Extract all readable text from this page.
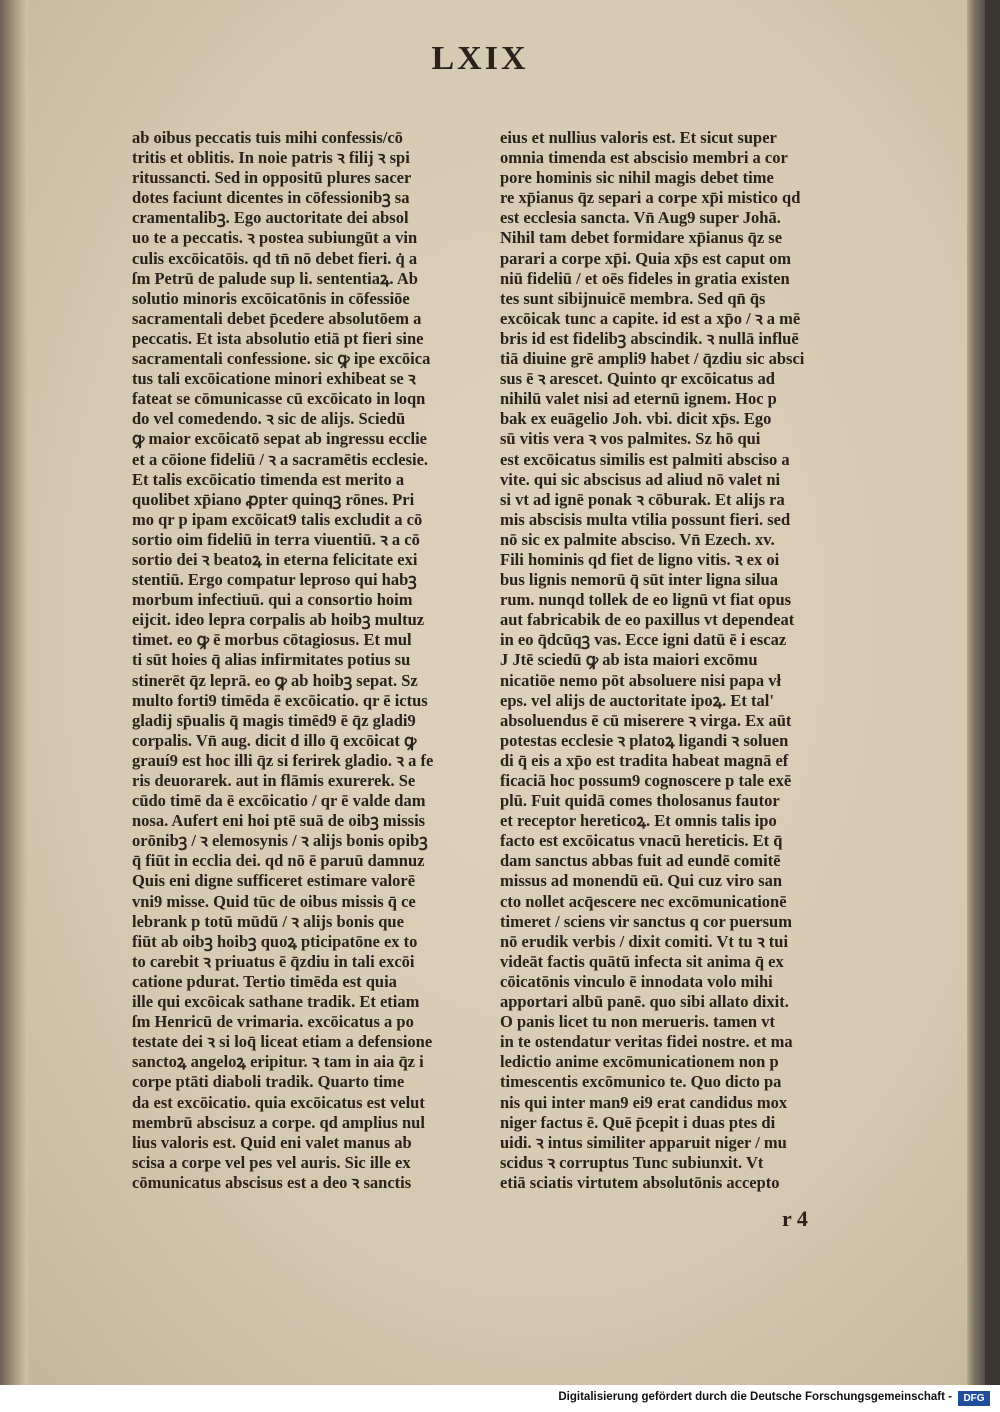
LXIX
ab oibus peccatis tuis mihi confessis/cō
tritis et oblitis. In noie patris ꝛ filij ꝛ spi
ritussancti. Sed in oppositū plures sacer
dotes faciunt dicentes in cōfessionibꝫ sa
cramentalibꝫ. Ego auctoritate dei absol
uo te a peccatis. ꝛ postea subiungūt a vin
culis excōicatōis. qd tn̄ nō debet fieri. q̇ a
ſm Petrū de palude sup li. sententiaꝝ. Ab
solutio minoris excōicatōnis in cōfessiōe
sacramentali debet p̄cedere absolutōem a
peccatis. Et ista absolutio etiā pt fieri sine
sacramentali confessione. sic ꝙ ipe excōica
tus tali excōicatione minori exhibeat se ꝛ
fateat se cōmunicasse cū excōicato in loqn
do vel comedendo. ꝛ sic de alijs. Sciedū
ꝙ maior excōicatō sepat ab ingressu ecclie
et a cōione fideliū / ꝛ a sacramētis ecclesie.
Et talis excōicatio timenda est merito a
quolibet xp̄iano ꝓpter quinqꝫ rōnes. Pri
mo qr p ipam excōicat9 talis excludit a cō
sortio oim fideliū in terra viuentiū. ꝛ a cō
sortio dei ꝛ beatoꝝ in eterna felicitate exi
stentiū. Ergo compatur leproso qui habꝫ
morbum infectiuū. qui a consortio hoim
eijcit. ideo lepra corpalis ab hoibꝫ multuz
timet. eo ꝙ ē morbus cōtagiosus. Et mul
ti sūt hoies q̄ alias infirmitates potius su
stinerēt q̄z leprā. eo ꝙ ab hoibꝫ sepat. Sz
multo forti9 timēda ē excōicatio. qr ē ictus
gladij sp̄ualis q̄ magis timēd9 ē q̄z gladi9
corpalis. Vn̄ aug. dicit d illo q̄ excōicat ꝙ
grauí9 est hoc illi q̄z si ferirek gladio. ꝛ a fe
ris deuorarek. aut in flāmis exurerek. Se
cūdo timē da ē excōicatio / qr ē valde dam
nosa. Aufert eni hoi ptē suā de oibꝫ missis
orōnibꝫ / ꝛ elemosynis / ꝛ alijs bonis opibꝫ
q̄ fiūt in ecclia dei. qd nō ē paruū damnuz
Quis eni digne sufficeret estimare valorē
vni9 misse. Quid tūc de oibus missis q̄ ce
lebrank p totū mūdū / ꝛ alijs bonis que
fiūt ab oibꝫ hoibꝫ quoꝝ pticipatōne ex to
to carebit ꝛ priuatus ē q̄zdiu in tali excōi
catione pdurat. Tertio timēda est quia
ille qui excōicak sathane tradik. Et etiam
ſm Henricū de vrimaria. excōicatus a po
testate dei ꝛ si loq̄ liceat etiam a defensione
sanctoꝝ angeloꝝ eripitur. ꝛ tam in aia q̄z i
corpe ptāti diaboli tradik. Quarto time
da est excōicatio. quia excōicatus est velut
membrū abscisuz a corpe. qd amplius nul
lius valoris est. Quid eni valet manus ab
scisa a corpe vel pes vel auris. Sic ille ex
cōmunicatus abscisus est a deo ꝛ sanctis
eius et nullius valoris est. Et sicut super
omnia timenda est abscisio membri a cor
pore hominis sic nihil magis debet time
re xp̄ianus q̄z separi a corpe xp̄i mistico qd
est ecclesia sancta. Vn̄ Aug9 super Johā.
Nihil tam debet formidare xp̄ianus q̄z se
parari a corpe xp̄i. Quia xp̄s est caput om
niū fideliū / et oēs fideles in gratia existen
tes sunt sibijnuicē membra. Sed qn̄ q̄s
excōicak tunc a capite. id est a xp̄o / ꝛ a mē
bris id est fidelibꝫ abscindik. ꝛ nullā influē
tiā diuine grē ampli9 habet / q̄zdiu sic absci
sus ē ꝛ arescet. Quinto qr excōicatus ad
nihilū valet nisi ad eternū ignem. Hoc p
bak ex euāgelio Joh. vbi. dicit xp̄s. Ego
sū vitis vera ꝛ vos palmites. Sz hō qui
est excōicatus similis est palmiti absciso a
vite. qui sic abscisus ad aliud nō valet ni
si vt ad ignē ponak ꝛ cōburak. Et alijs ra
mis abscisis multa vtilia possunt fieri. sed
nō sic ex palmite absciso. Vn̄ Ezech. xv.
Fili hominis qd fiet de ligno vitis. ꝛ ex oi
bus lignis nemorū q̄ sūt inter ligna silua
rum. nunqd tollek de eo lignū vt fiat opus
aut fabricabik de eo paxillus vt dependeat
in eo q̄dcūqꝫ vas. Ecce igni datū ē i escaz
J Jtē sciedū ꝙ ab ista maiori excōmu
nicatiōe nemo pōt absoluere nisi papa vł
eps. vel alijs de auctoritate ipoꝝ. Et tal'
absoluendus ē cū miserere ꝛ virga. Ex aūt
potestas ecclesie ꝛ platoꝝ ligandi ꝛ soluen
di q̄ eis a xp̄o est tradita habeat magnā ef
ficaciā hoc possum9 cognoscere p tale exē
plū. Fuit quidā comes tholosanus fautor
et receptor hereticoꝝ. Et omnis talis ipo
facto est excōicatus vnacū hereticis. Et q̄
dam sanctus abbas fuit ad eundē comitē
missus ad monendū eū. Qui cuz viro san
cto nollet acq̄escere nec excōmunicationē
timeret / sciens vir sanctus q cor puersum
nō erudik verbis / dixit comiti. Vt tu ꝛ tui
videāt factis quātū infecta sit anima q̄ ex
cōicatōnis vinculo ē innodata volo mihi
apportari albū panē. quo sibi allato dixit.
O panis licet tu non merueris. tamen vt
in te ostendatur veritas fidei nostre. et ma
ledictio anime excōmunicationem non p
timescentis excōmunico te. Quo dicto pa
nis qui inter man9 ei9 erat candidus mox
niger factus ē. Quē p̄cepit i duas ptes di
uidi. ꝛ intus similiter apparuit niger / mu
scidus ꝛ corruptus Tunc subiunxit. Vt
etiā sciatis virtutem absolutōnis accepto
r 4
Digitalisierung gefördert durch die Deutsche Forschungsgemeinschaft -	DFG
